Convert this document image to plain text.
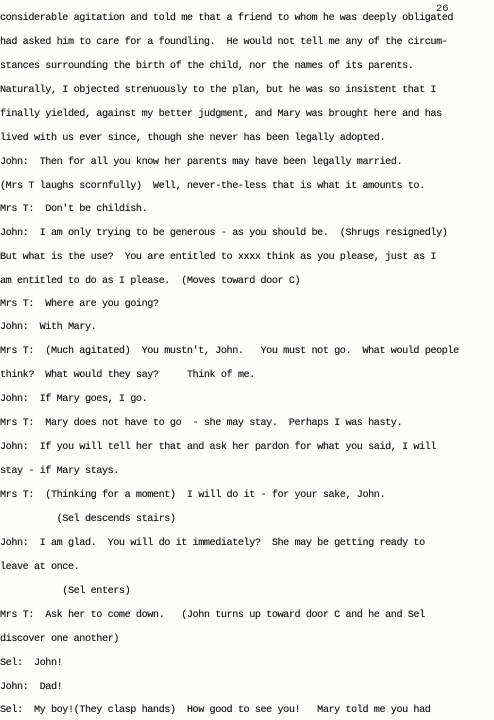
26

considerable agitation and told me that a friend to whom he was deeply obligated

had asked him to care for a foundling.  He would not tell me any of the circum-

stances surrounding the birth of the child, nor the names of its parents.

Naturally, I objected strenuously to the plan, but he was so insistent that I

finally yielded, against my better judgment, and Mary was brought here and has

lived with us ever since, though she never has been legally adopted.

John:  Then for all you know her parents may have been legally married.

(Mrs T laughs scornfully)  Well, never-the-less that is what it amounts to.

Mrs T:  Don't be childish.

John:  I am only trying to be generous - as you should be.  (Shrugs resignedly)

But what is the use?  You are entitled to xxxx think as you please, just as I

am entitled to do as I please.  (Moves toward door C)

Mrs T:  Where are you going?

John:  With Mary.

Mrs T:  (Much agitated)  You mustn't, John.   You must not go.  What would people

think?  What would they say?     Think of me.

John:  If Mary goes, I go.

Mrs T:  Mary does not have to go  - she may stay.  Perhaps I was hasty.

John:  If you will tell her that and ask her pardon for what you said, I will

stay - if Mary stays.

Mrs T:  (Thinking for a moment)  I will do it - for your sake, John.

(Sel descends stairs)

John:  I am glad.  You will do it immediately?  She may be getting ready to

leave at once.

(Sel enters)

Mrs T:  Ask her to come down.   (John turns up toward door C and he and Sel

discover one another)

Sel:  John!

John:  Dad!

Sel:  My boy!(They clasp hands)  How good to see you!   Mary told me you had
